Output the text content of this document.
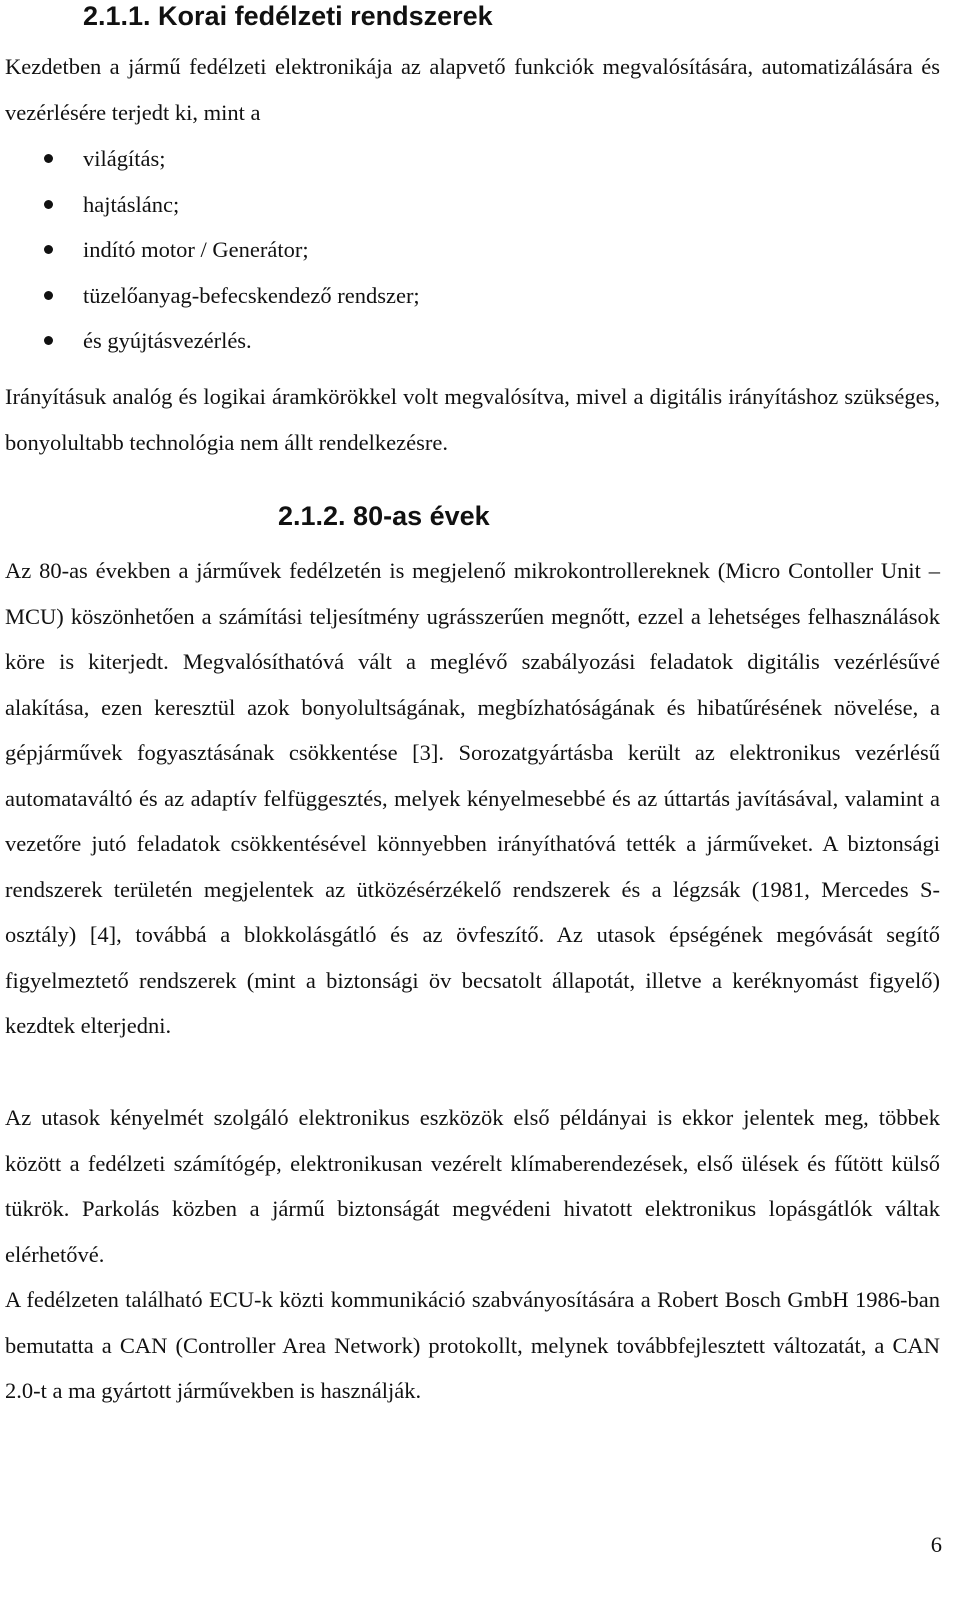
2.1.1. Korai fedélzeti rendszerek

Kezdetben a jármű fedélzeti elektronikája az alapvető funkciók megvalósítására, automatizálására és vezérlésére terjedt ki, mint a

világítás;
hajtáslánc;
indító motor / Generátor;
tüzelőanyag-befecskendező rendszer;
és gyújtásvezérlés.

Irányításuk analóg és logikai áramkörökkel volt megvalósítva, mivel a digitális irányításhoz szükséges, bonyolultabb technológia nem állt rendelkezésre.

2.1.2. 80-as évek

Az 80-as években a járművek fedélzetén is megjelenő mikrokontrollereknek (Micro Contoller Unit – MCU) köszönhetően a számítási teljesítmény ugrásszerűen megnőtt, ezzel a lehetséges felhasználások köre is kiterjedt. Megvalósíthatóvá vált a meglévő szabályozási feladatok digitális vezérlésűvé alakítása, ezen keresztül azok bonyolultságának, megbízhatóságának és hibatűrésének növelése, a gépjárművek fogyasztásának csökkentése [3]. Sorozatgyártásba került az elektronikus vezérlésű automataváltó és az adaptív felfüggesztés, melyek kényelmesebbé és az úttartás javításával, valamint a vezetőre jutó feladatok csökkentésével könnyebben irányíthatóvá tették a járműveket. A biztonsági rendszerek területén megjelentek az ütközésérzékelő rendszerek és a légzsák (1981, Mercedes S-osztály) [4], továbbá a blokkolásgátló és az övfeszítő. Az utasok épségének megóvását segítő figyelmeztető rendszerek (mint a biztonsági öv becsatolt állapotát, illetve a keréknyomást figyelő) kezdtek elterjedni.

Az utasok kényelmét szolgáló elektronikus eszközök első példányai is ekkor jelentek meg, többek között a fedélzeti számítógép, elektronikusan vezérelt klímaberendezések, első ülések és fűtött külső tükrök. Parkolás közben a jármű biztonságát megvédeni hivatott elektronikus lopásgátlók váltak elérhetővé.

A fedélzeten található ECU-k közti kommunikáció szabványosítására a Robert Bosch GmbH 1986-ban bemutatta a CAN (Controller Area Network) protokollt, melynek továbbfejlesztett változatát, a CAN 2.0-t a ma gyártott járművekben is használják.

6
